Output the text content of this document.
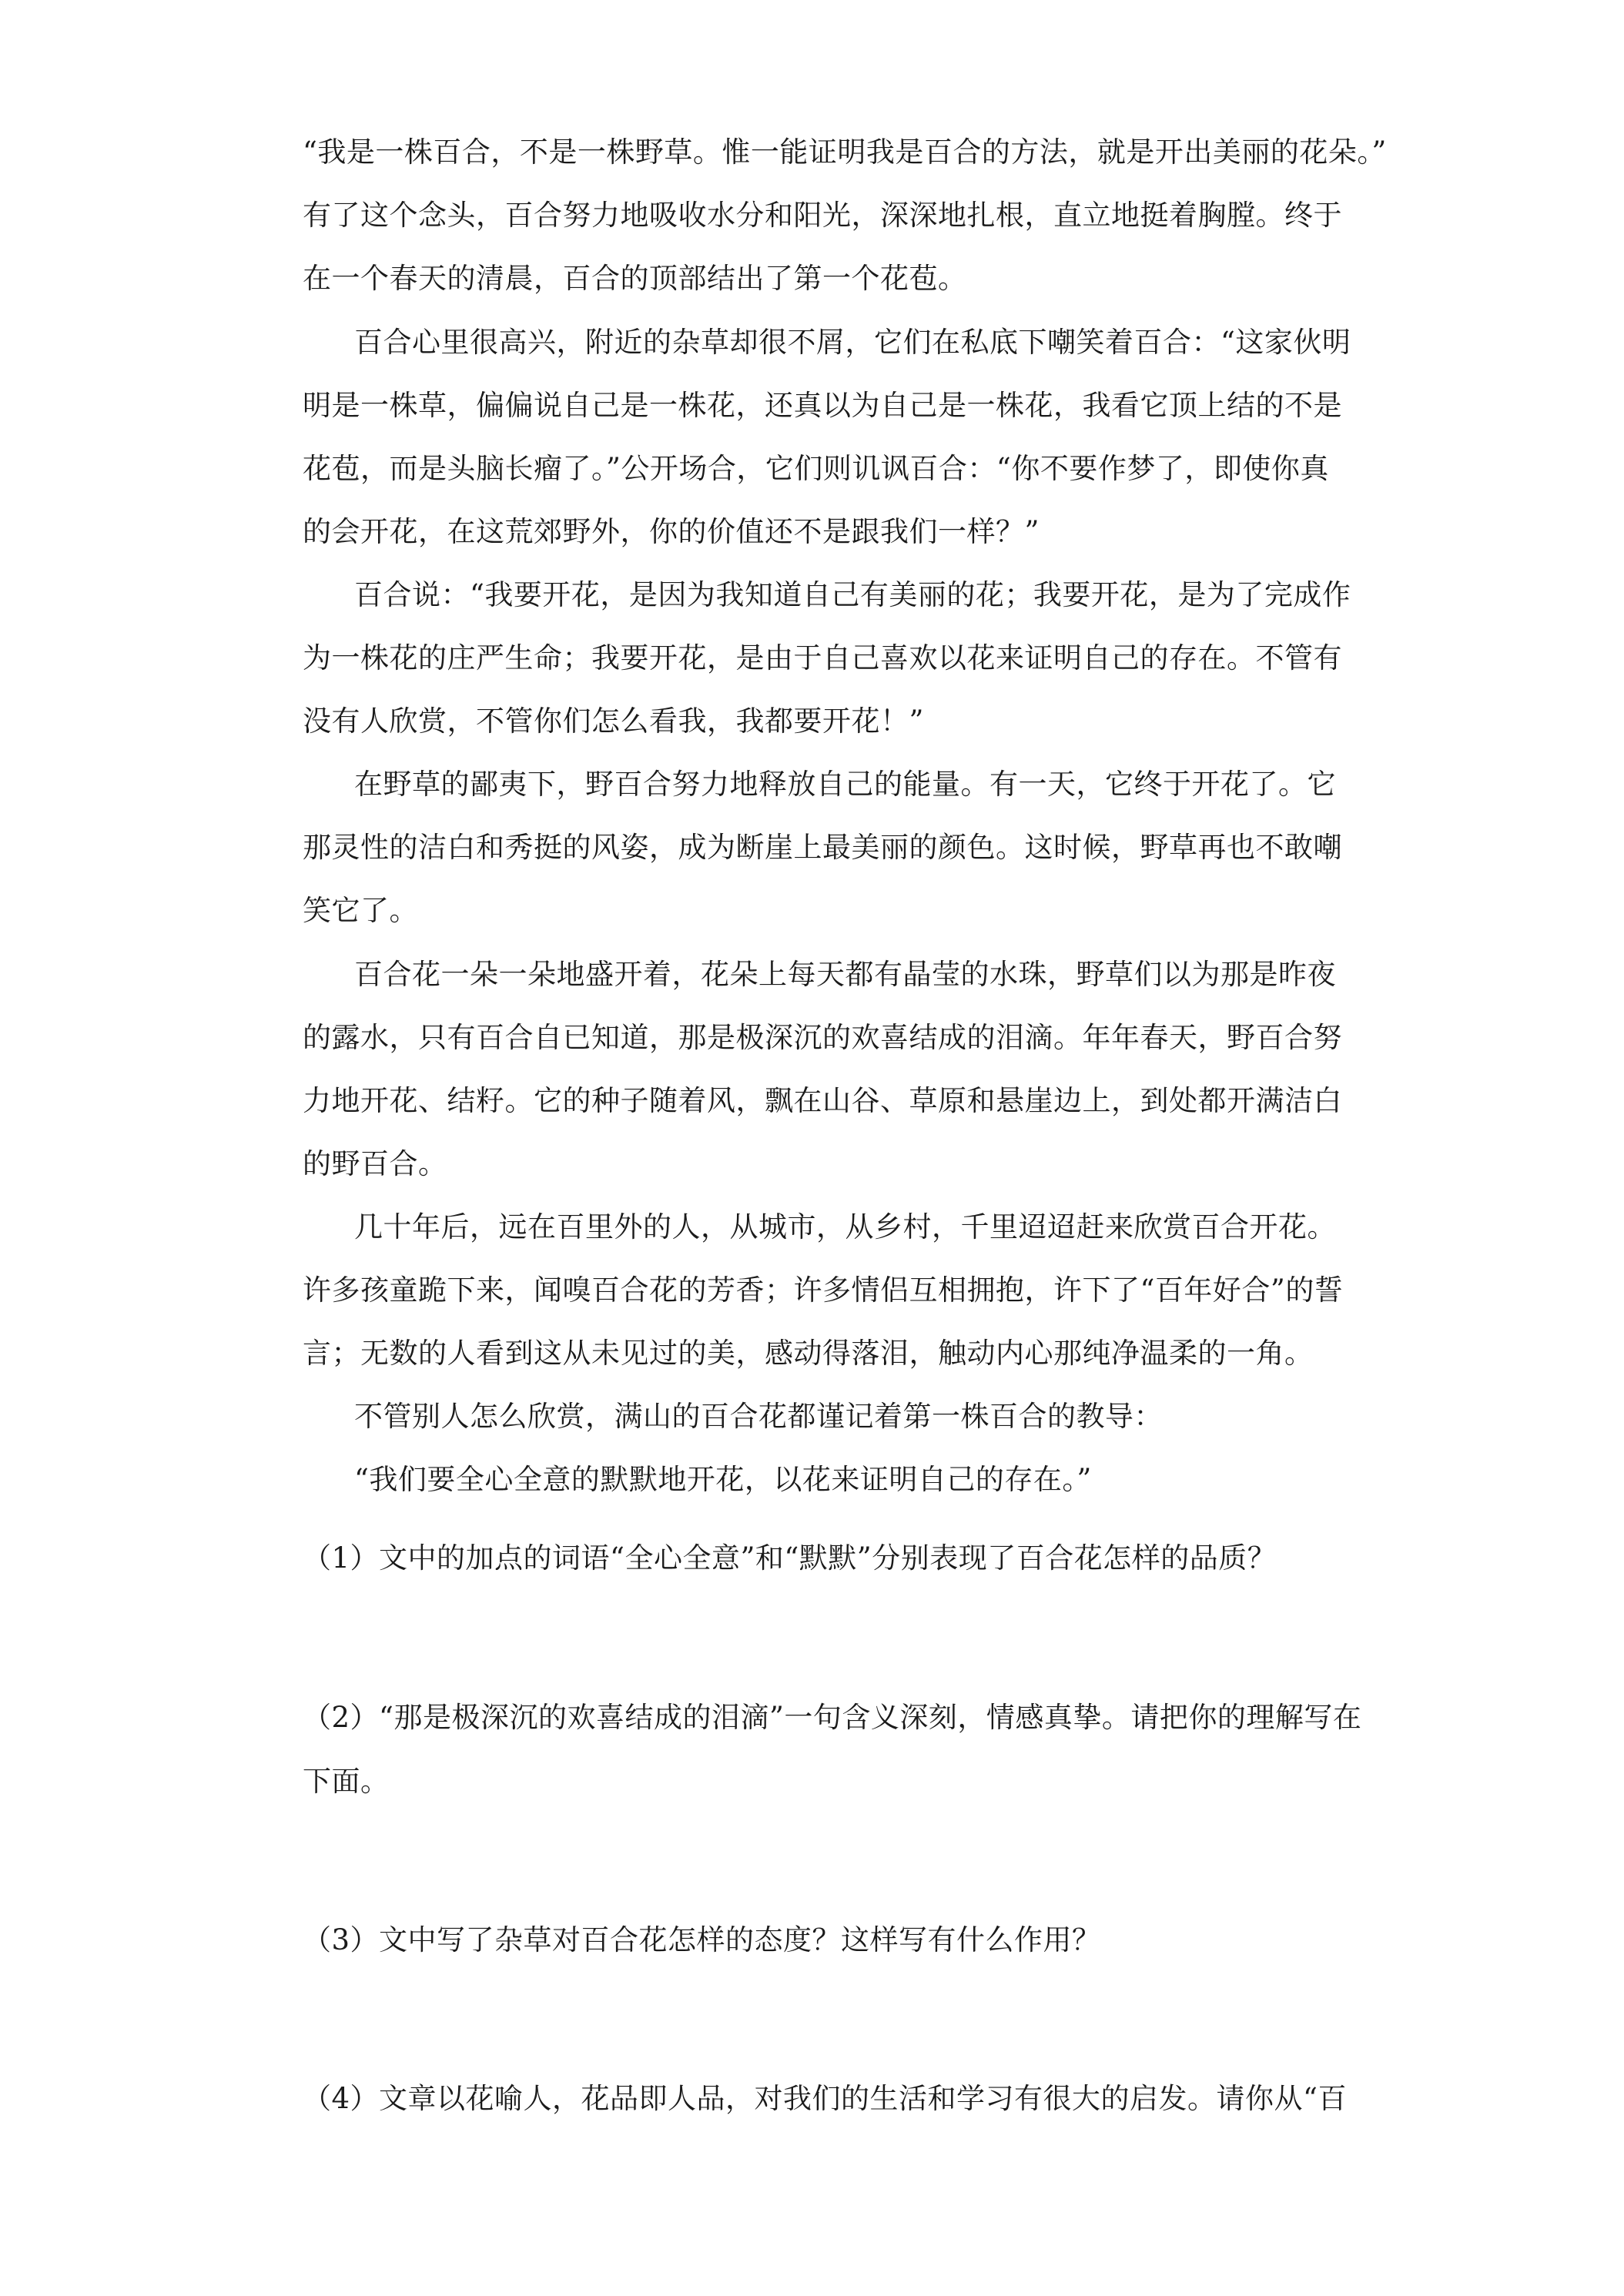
“我是一株百合，不是一株野草。惟一能证明我是百合的方法，就是开出美丽的花朵。”
有了这个念头，百合努力地吸收水分和阳光，深深地扎根，直立地挺着胸膛。终于
在一个春天的清晨，百合的顶部结出了第一个花苞。
百合心里很高兴，附近的杂草却很不屑，它们在私底下嘲笑着百合：“这家伙明
明是一株草，偏偏说自己是一株花，还真以为自己是一株花，我看它顶上结的不是
花苞，而是头脑长瘤了。”公开场合，它们则讥讽百合：“你不要作梦了，即使你真
的会开花，在这荒郊野外，你的价值还不是跟我们一样？”
百合说：“我要开花，是因为我知道自己有美丽的花；我要开花，是为了完成作
为一株花的庄严生命；我要开花，是由于自己喜欢以花来证明自己的存在。不管有
没有人欣赏，不管你们怎么看我，我都要开花！”
在野草的鄙夷下，野百合努力地释放自己的能量。有一天，它终于开花了。它
那灵性的洁白和秀挺的风姿，成为断崖上最美丽的颜色。这时候，野草再也不敢嘲
笑它了。
百合花一朵一朵地盛开着，花朵上每天都有晶莹的水珠，野草们以为那是昨夜
的露水，只有百合自已知道，那是极深沉的欢喜结成的泪滴。年年春天，野百合努
力地开花、结籽。它的种子随着风，飘在山谷、草原和悬崖边上，到处都开满洁白
的野百合。
几十年后，远在百里外的人，从城市，从乡村，千里迢迢赶来欣赏百合开花。
许多孩童跪下来，闻嗅百合花的芳香；许多情侣互相拥抱，许下了“百年好合”的誓
言；无数的人看到这从未见过的美，感动得落泪，触动内心那纯净温柔的一角。
不管别人怎么欣赏，满山的百合花都谨记着第一株百合的教导：
“我们要全心全意的默默地开花，以花来证明自己的存在。”
（1）文中的加点的词语“全心全意”和“默默”分别表现了百合花怎样的品质？
（2）“那是极深沉的欢喜结成的泪滴”一句含义深刻，情感真挚。请把你的理解写在
下面。
（3）文中写了杂草对百合花怎样的态度？这样写有什么作用？
（4）文章以花喻人，花品即人品，对我们的生活和学习有很大的启发。请你从“百
